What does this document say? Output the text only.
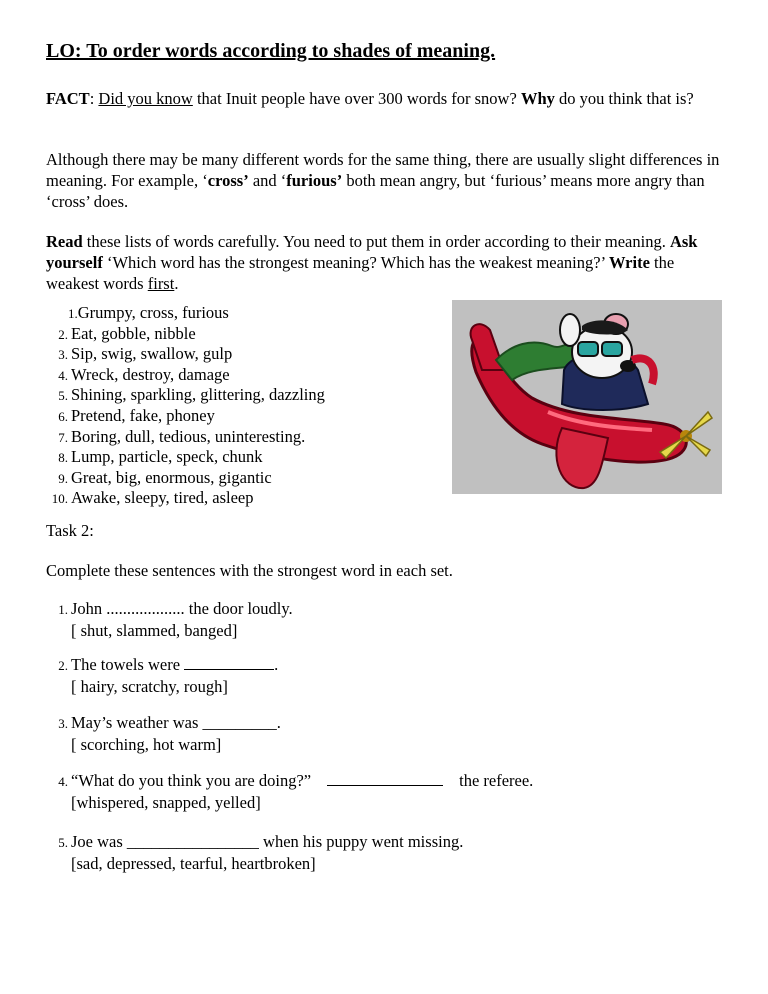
LO: To order words according to shades of meaning.
FACT: Did you know that Inuit people have over 300 words for snow? Why do you think that is?
Although there may be many different words for the same thing, there are usually slight differences in meaning. For example, ‘cross’ and ‘furious’ both mean angry, but ‘furious’ means more angry than ‘cross’ does.
Read these lists of words carefully. You need to put them in order according to their meaning. Ask yourself ‘Which word has the strongest meaning? Which has the weakest meaning?’ Write the weakest words first.
1.Grumpy, cross, furious
2. Eat, gobble, nibble
3. Sip, swig, swallow, gulp
4. Wreck, destroy, damage
5. Shining, sparkling, glittering, dazzling
6. Pretend, fake, phoney
7. Boring, dull, tedious, uninteresting.
8. Lump, particle, speck, chunk
9. Great, big, enormous, gigantic
10. Awake, sleepy, tired, asleep
Task 2:
Complete these sentences with the strongest word in each set.
1. John ................... the door loudly.
[ shut, slammed, banged]
2. The towels were	.
[ hairy, scratchy, rough]
3. May’s weather was _________.
[ scorching, hot warm]
4. “What do you think you are doing?”	the referee.
[whispered, snapped, yelled]
5. Joe was ________________ when his puppy went missing.
[sad, depressed, tearful, heartbroken]
